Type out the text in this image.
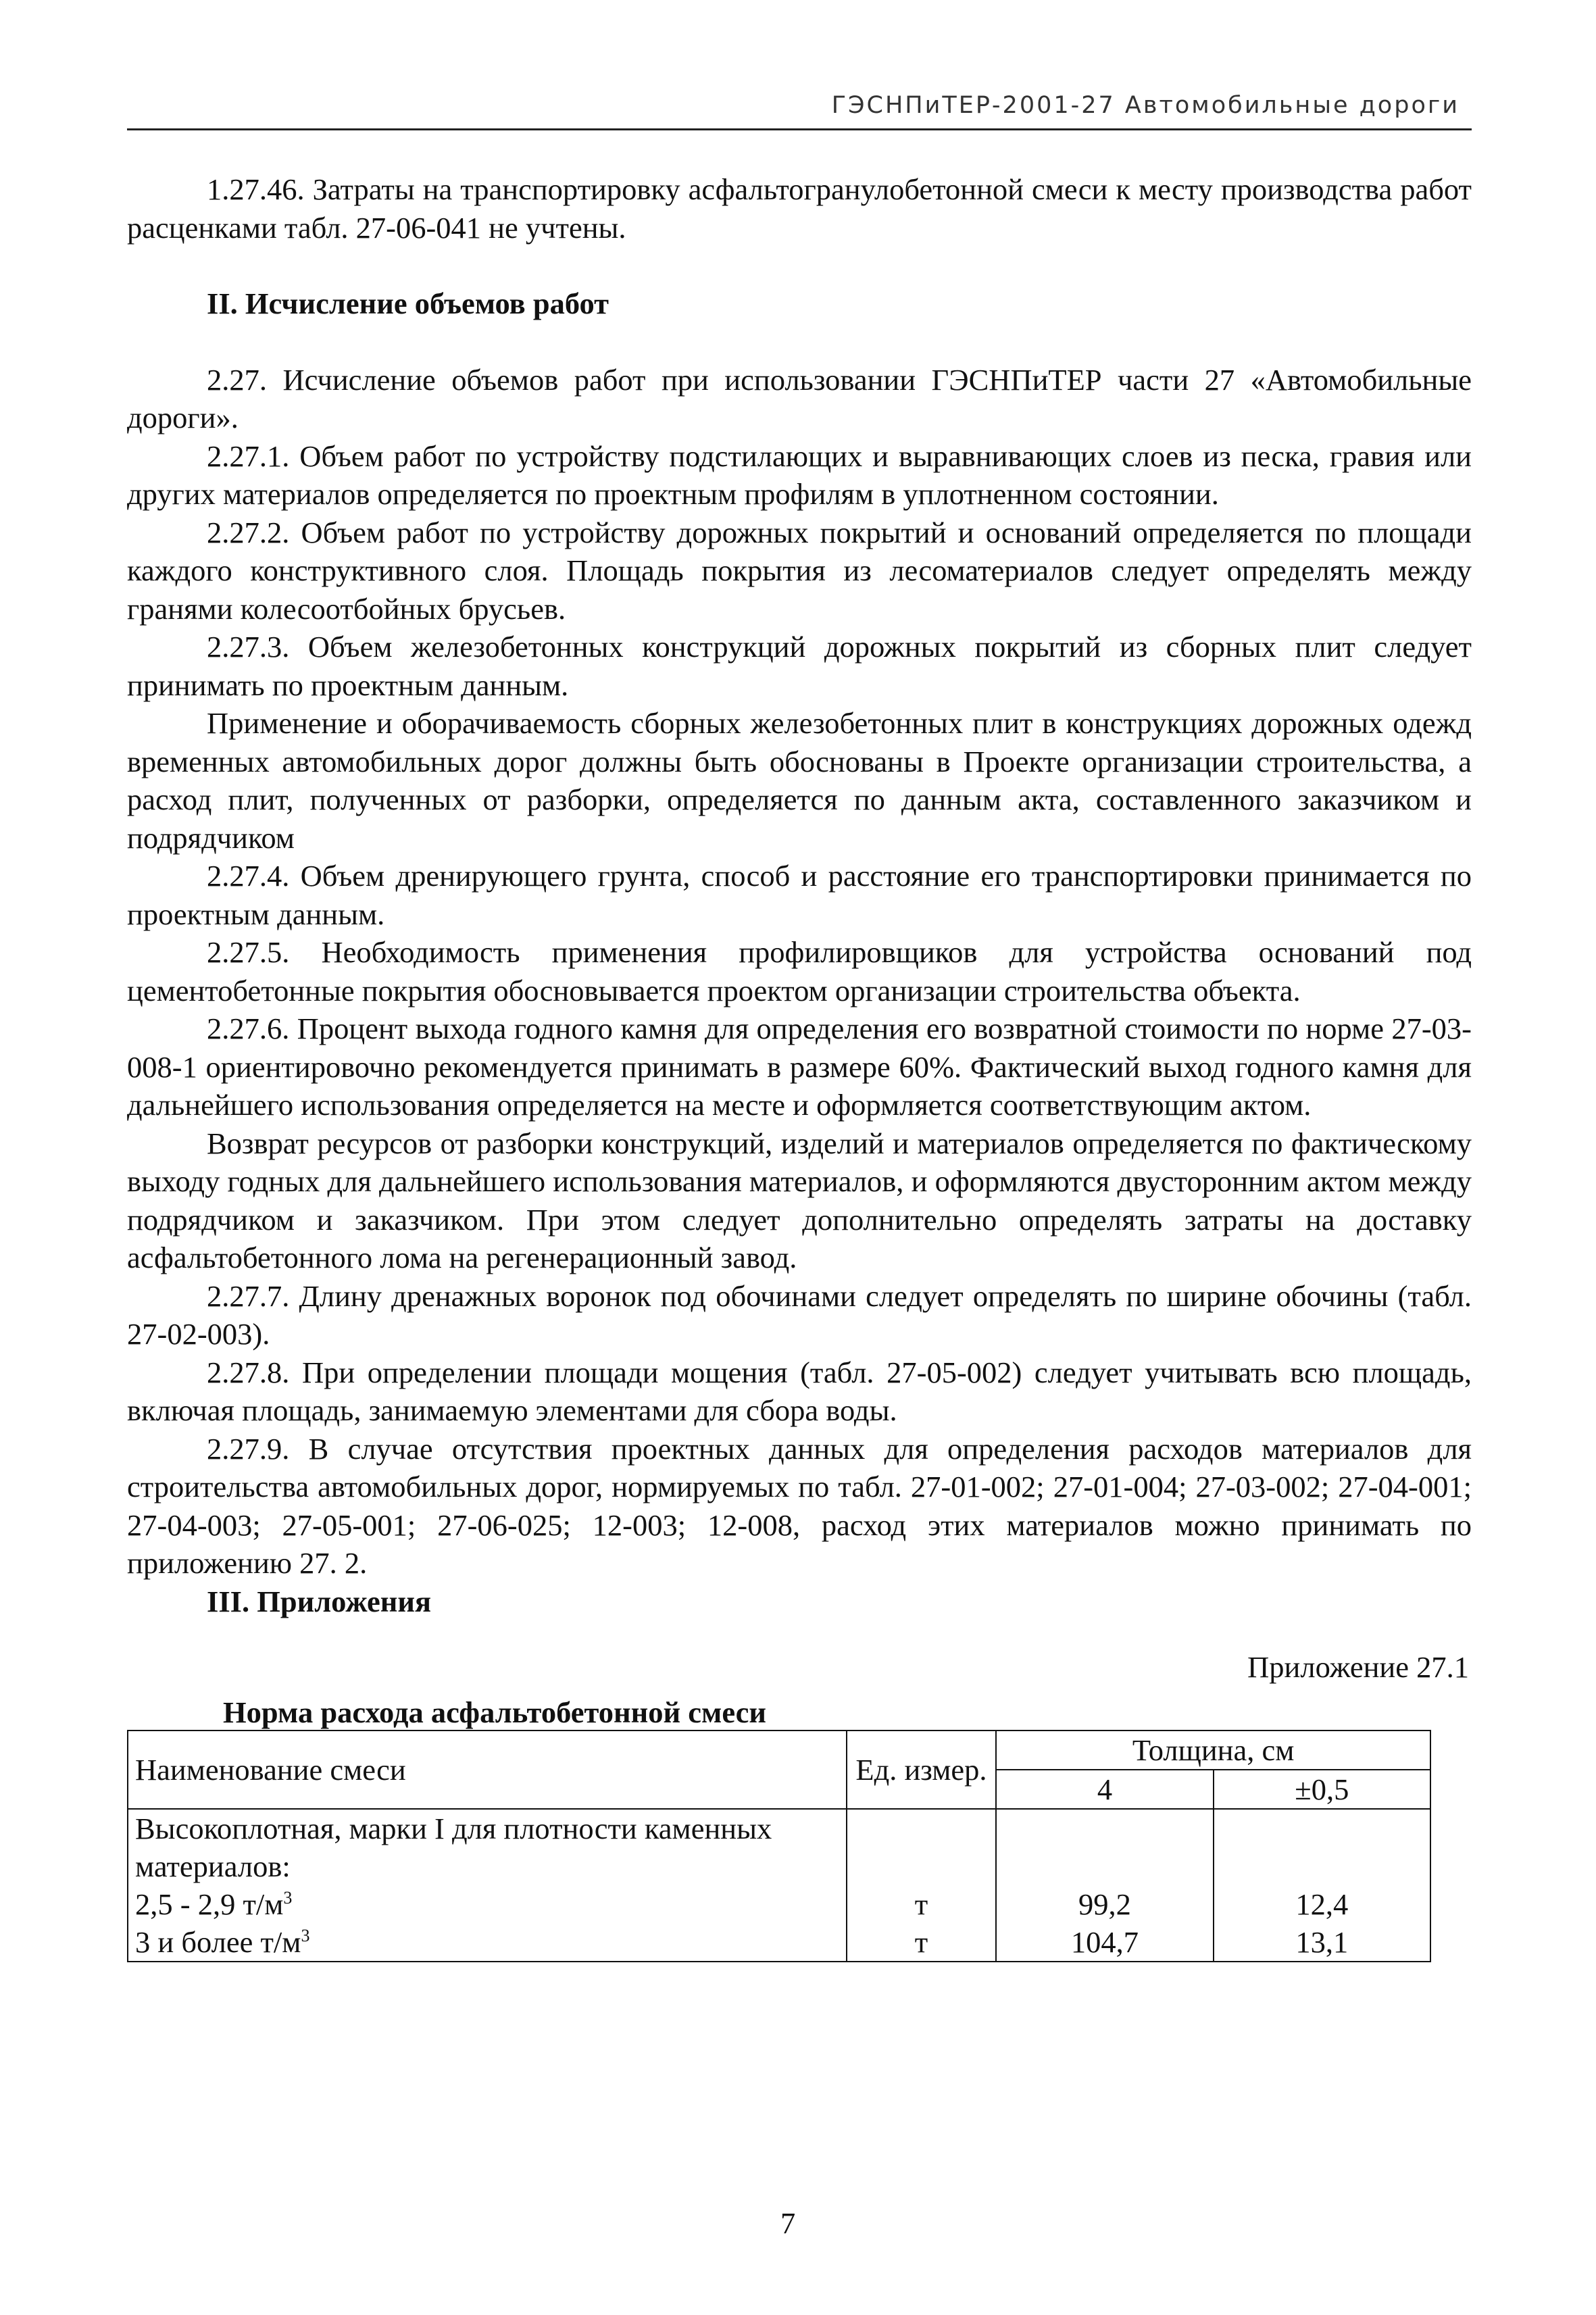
ГЭСНПиТЕР-2001-27 Автомобильные дороги

1.27.46. Затраты на транспортировку асфальтогранулобетонной смеси к месту производства работ расценками табл. 27-06-041 не учтены.

II. Исчисление объемов работ

2.27. Исчисление объемов работ при использовании ГЭСНПиТЕР части 27 «Автомобильные дороги».

2.27.1. Объем работ по устройству подстилающих и выравнивающих слоев из песка, гравия или других материалов определяется по проектным профилям в уплотненном состоянии.

2.27.2. Объем работ по устройству дорожных покрытий и оснований определяется по площади каждого конструктивного слоя. Площадь покрытия из лесоматериалов следует определять между гранями колесоотбойных брусьев.

2.27.3. Объем железобетонных конструкций дорожных покрытий из сборных плит следует принимать по проектным данным.

Применение и оборачиваемость сборных железобетонных плит в конструкциях дорожных одежд временных автомобильных дорог должны быть обоснованы в Проекте организации строительства, а расход плит, полученных от разборки, определяется по данным акта, составленного заказчиком и подрядчиком

2.27.4. Объем дренирующего грунта, способ и расстояние его транспортировки принимается по проектным данным.

2.27.5. Необходимость применения профилировщиков для устройства оснований под цементобетонные покрытия обосновывается проектом организации строительства объекта.

2.27.6. Процент выхода годного камня для определения его возвратной стоимости по норме 27-03-008-1 ориентировочно рекомендуется принимать в размере 60%. Фактический выход годного камня для дальнейшего использования определяется на месте и оформляется соответствующим актом.

Возврат ресурсов от разборки конструкций, изделий и материалов определяется по фактическому выходу годных для дальнейшего использования материалов, и оформляются двусторонним актом между подрядчиком и заказчиком. При этом следует дополнительно определять затраты на доставку асфальтобетонного лома на регенерационный завод.

2.27.7. Длину дренажных воронок под обочинами следует определять по ширине обочины (табл. 27-02-003).

2.27.8. При определении площади мощения (табл. 27-05-002) следует учитывать всю площадь, включая площадь, занимаемую элементами для сбора воды.

2.27.9. В случае отсутствия проектных данных для определения расходов материалов для строительства автомобильных дорог, нормируемых по табл. 27-01-002; 27-01-004; 27-03-002; 27-04-001; 27-04-003; 27-05-001; 27-06-025; 12-003; 12-008, расход этих материалов можно принимать по приложению 27. 2.

III. Приложения

Приложение 27.1
Норма расхода асфальтобетонной смеси
Наименование смеси	Ед. измер.	Толщина, см	
		4	±0,5

Высокоплотная, марки I для плотности каменных
материалов:			

2,5 - 2,9 $т/м^3$	т	99,2	12,4
3 и более $т/м^3$	т	104,7	13,1
7
